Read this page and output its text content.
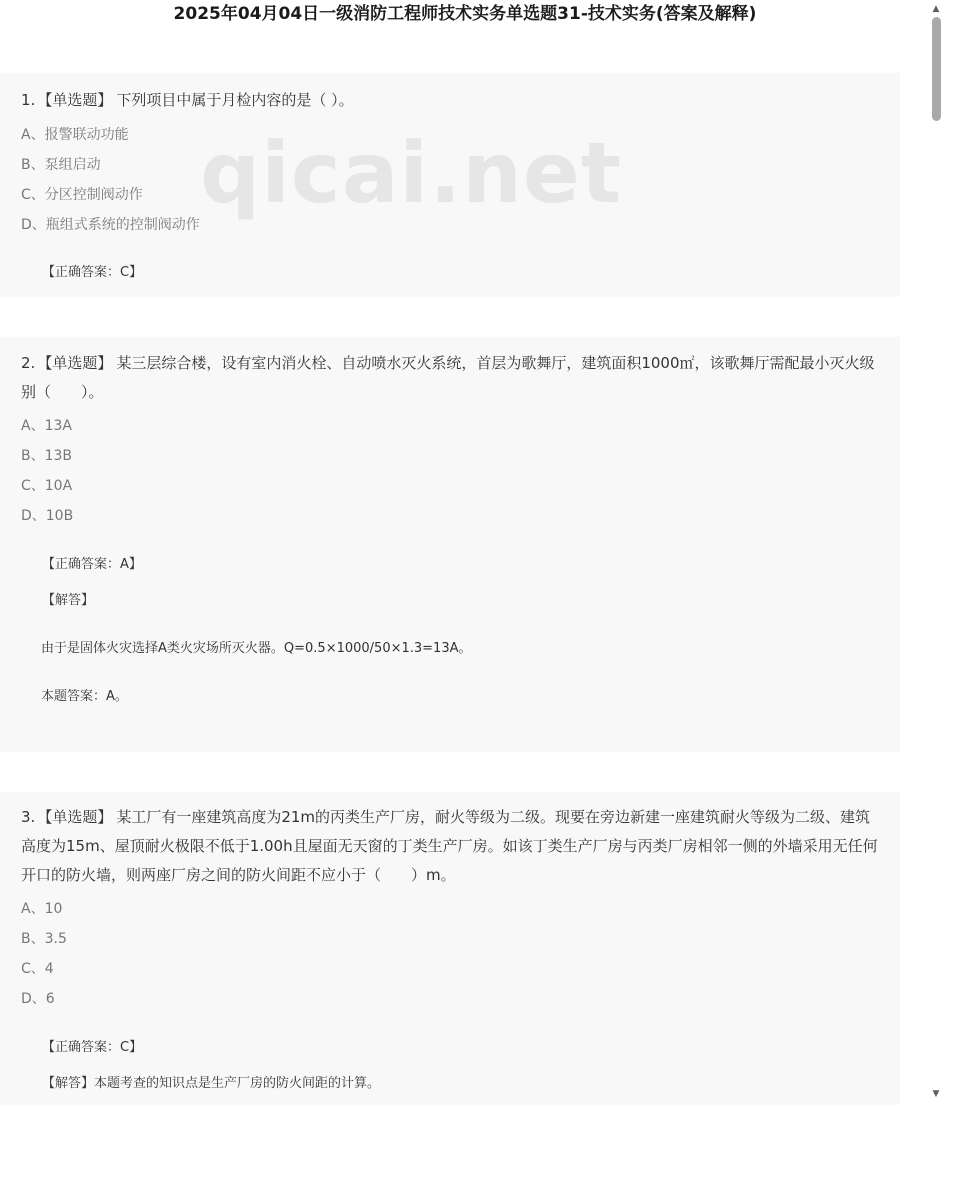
2025年04月04日一级消防工程师技术实务单选题31-技术实务(答案及解释)
1. 【单选题】 下列项目中属于月检内容的是（ ）。
A、报警联动功能
B、泵组启动
C、分区控制阀动作
D、瓶组式系统的控制阀动作
【正确答案：C】
qicai.net
2. 【单选题】 某三层综合楼，设有室内消火栓、自动喷水灭火系统，首层为歌舞厅，建筑面积1000㎡，该歌舞厅需配最小灭火级别（　　）。
A、13A
B、13B
C、10A
D、10B
【正确答案：A】
【解答】
由于是固体火灾选择A类火灾场所灭火器。Q=0.5×1000/50×1.3=13A。
本题答案：A。
3. 【单选题】 某工厂有一座建筑高度为21m的丙类生产厂房，耐火等级为二级。现要在旁边新建一座建筑耐火等级为二级、建筑高度为15m、屋顶耐火极限不低于1.00h且屋面无天窗的丁类生产厂房。如该丁类生产厂房与丙类厂房相邻一侧的外墙采用无任何开口的防火墙，则两座厂房之间的防火间距不应小于（　　）m。
A、10
B、3.5
C、4
D、6
【正确答案：C】
【解答】本题考查的知识点是生产厂房的防火间距的计算。
▲
▼
